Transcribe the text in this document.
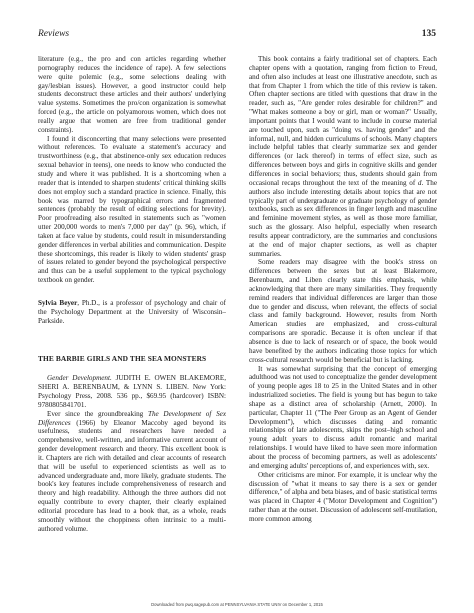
Reviews	135

literature (e.g., the pro and con articles regarding whether pornography reduces the incidence of rape). A few selections were quite polemic (e.g., some selections dealing with gay/lesbian issues). However, a good instructor could help students deconstruct these articles and their authors' underlying value systems. Sometimes the pro/con organization is somewhat forced (e.g., the article on polyamorous women, which does not really argue that women are free from traditional gender constraints).

I found it disconcerting that many selections were presented without references. To evaluate a statement's accuracy and trustworthiness (e.g., that abstinence-only sex education reduces sexual behavior in teens), one needs to know who conducted the study and where it was published. It is a shortcoming when a reader that is intended to sharpen students' critical thinking skills does not employ such a standard practice in science. Finally, this book was marred by typographical errors and fragmented sentences (probably the result of editing selections for brevity). Poor proofreading also resulted in statements such as "women utter 200,000 words to men's 7,000 per day" (p. 96), which, if taken at face value by students, could result in misunderstanding gender differences in verbal abilities and communication. Despite these shortcomings, this reader is likely to widen students' grasp of issues related to gender beyond the psychological perspective and thus can be a useful supplement to the typical psychology textbook on gender.

Sylvia Beyer, Ph.D., is a professor of psychology and chair of the Psychology Department at the University of Wisconsin–Parkside.

THE BARBIE GIRLS AND THE SEA MONSTERS

Gender Development. JUDITH E. OWEN BLAKEMORE, SHERI A. BERENBAUM, & LYNN S. LIBEN. New York: Psychology Press, 2008. 536 pp., $69.95 (hardcover) ISBN: 9780805841701.

Ever since the groundbreaking The Development of Sex Differences (1966) by Eleanor Maccoby aged beyond its usefulness, students and researchers have needed a comprehensive, well-written, and informative current account of gender development research and theory. This excellent book is it. Chapters are rich with detailed and clear accounts of research that will be useful to experienced scientists as well as to advanced undergraduate and, more likely, graduate students. The book's key features include comprehensiveness of research and theory and high readability. Although the three authors did not equally contribute to every chapter, their clearly explained editorial procedure has lead to a book that, as a whole, reads smoothly without the choppiness often intrinsic to a multi-authored volume.

This book contains a fairly traditional set of chapters. Each chapter opens with a quotation, ranging from fiction to Freud, and often also includes at least one illustrative anecdote, such as that from Chapter 1 from which the title of this review is taken. Often chapter sections are titled with questions that draw in the reader, such as, "Are gender roles desirable for children?" and "What makes someone a boy or girl, man or woman?" Usually, important points that I would want to include in course material are touched upon, such as "doing vs. having gender" and the informal, null, and hidden curriculums of schools. Many chapters include helpful tables that clearly summarize sex and gender differences (or lack thereof) in terms of effect size, such as differences between boys and girls in cognitive skills and gender differences in social behaviors; thus, students should gain from occasional recaps throughout the text of the meaning of d. The authors also include interesting details about topics that are not typically part of undergraduate or graduate psychology of gender textbooks, such as sex differences in finger length and masculine and feminine movement styles, as well as those more familiar, such as the glossary. Also helpful, especially when research results appear contradictory, are the summaries and conclusions at the end of major chapter sections, as well as chapter summaries.

Some readers may disagree with the book's stress on differences between the sexes but at least Blakemore, Berenbaum, and Liben clearly state this emphasis, while acknowledging that there are many similarities. They frequently remind readers that individual differences are larger than those due to gender and discuss, when relevant, the effects of social class and family background. However, results from North American studies are emphasized, and cross-cultural comparisons are sporadic. Because it is often unclear if that absence is due to lack of research or of space, the book would have benefited by the authors indicating those topics for which cross-cultural research would be beneficial but is lacking.

It was somewhat surprising that the concept of emerging adulthood was not used to conceptualize the gender development of young people ages 18 to 25 in the United States and in other industrialized societies. The field is young but has begun to take shape as a distinct area of scholarship (Arnett, 2000). In particular, Chapter 11 ("The Peer Group as an Agent of Gender Development"), which discusses dating and romantic relationships of late adolescents, skips the post–high school and young adult years to discuss adult romantic and marital relationships. I would have liked to have seen more information about the process of becoming partners, as well as adolescents' and emerging adults' perceptions of, and experiences with, sex.

Other criticisms are minor. For example, it is unclear why the discussion of "what it means to say there is a sex or gender difference," of alpha and beta biases, and of basic statistical terms was placed in Chapter 4 ("Motor Development and Cognition") rather than at the outset. Discussion of adolescent self-mutilation, more common among

Downloaded from pwq.sagepub.com at PENNSYLVANIA STATE UNIV on December 1, 2015
